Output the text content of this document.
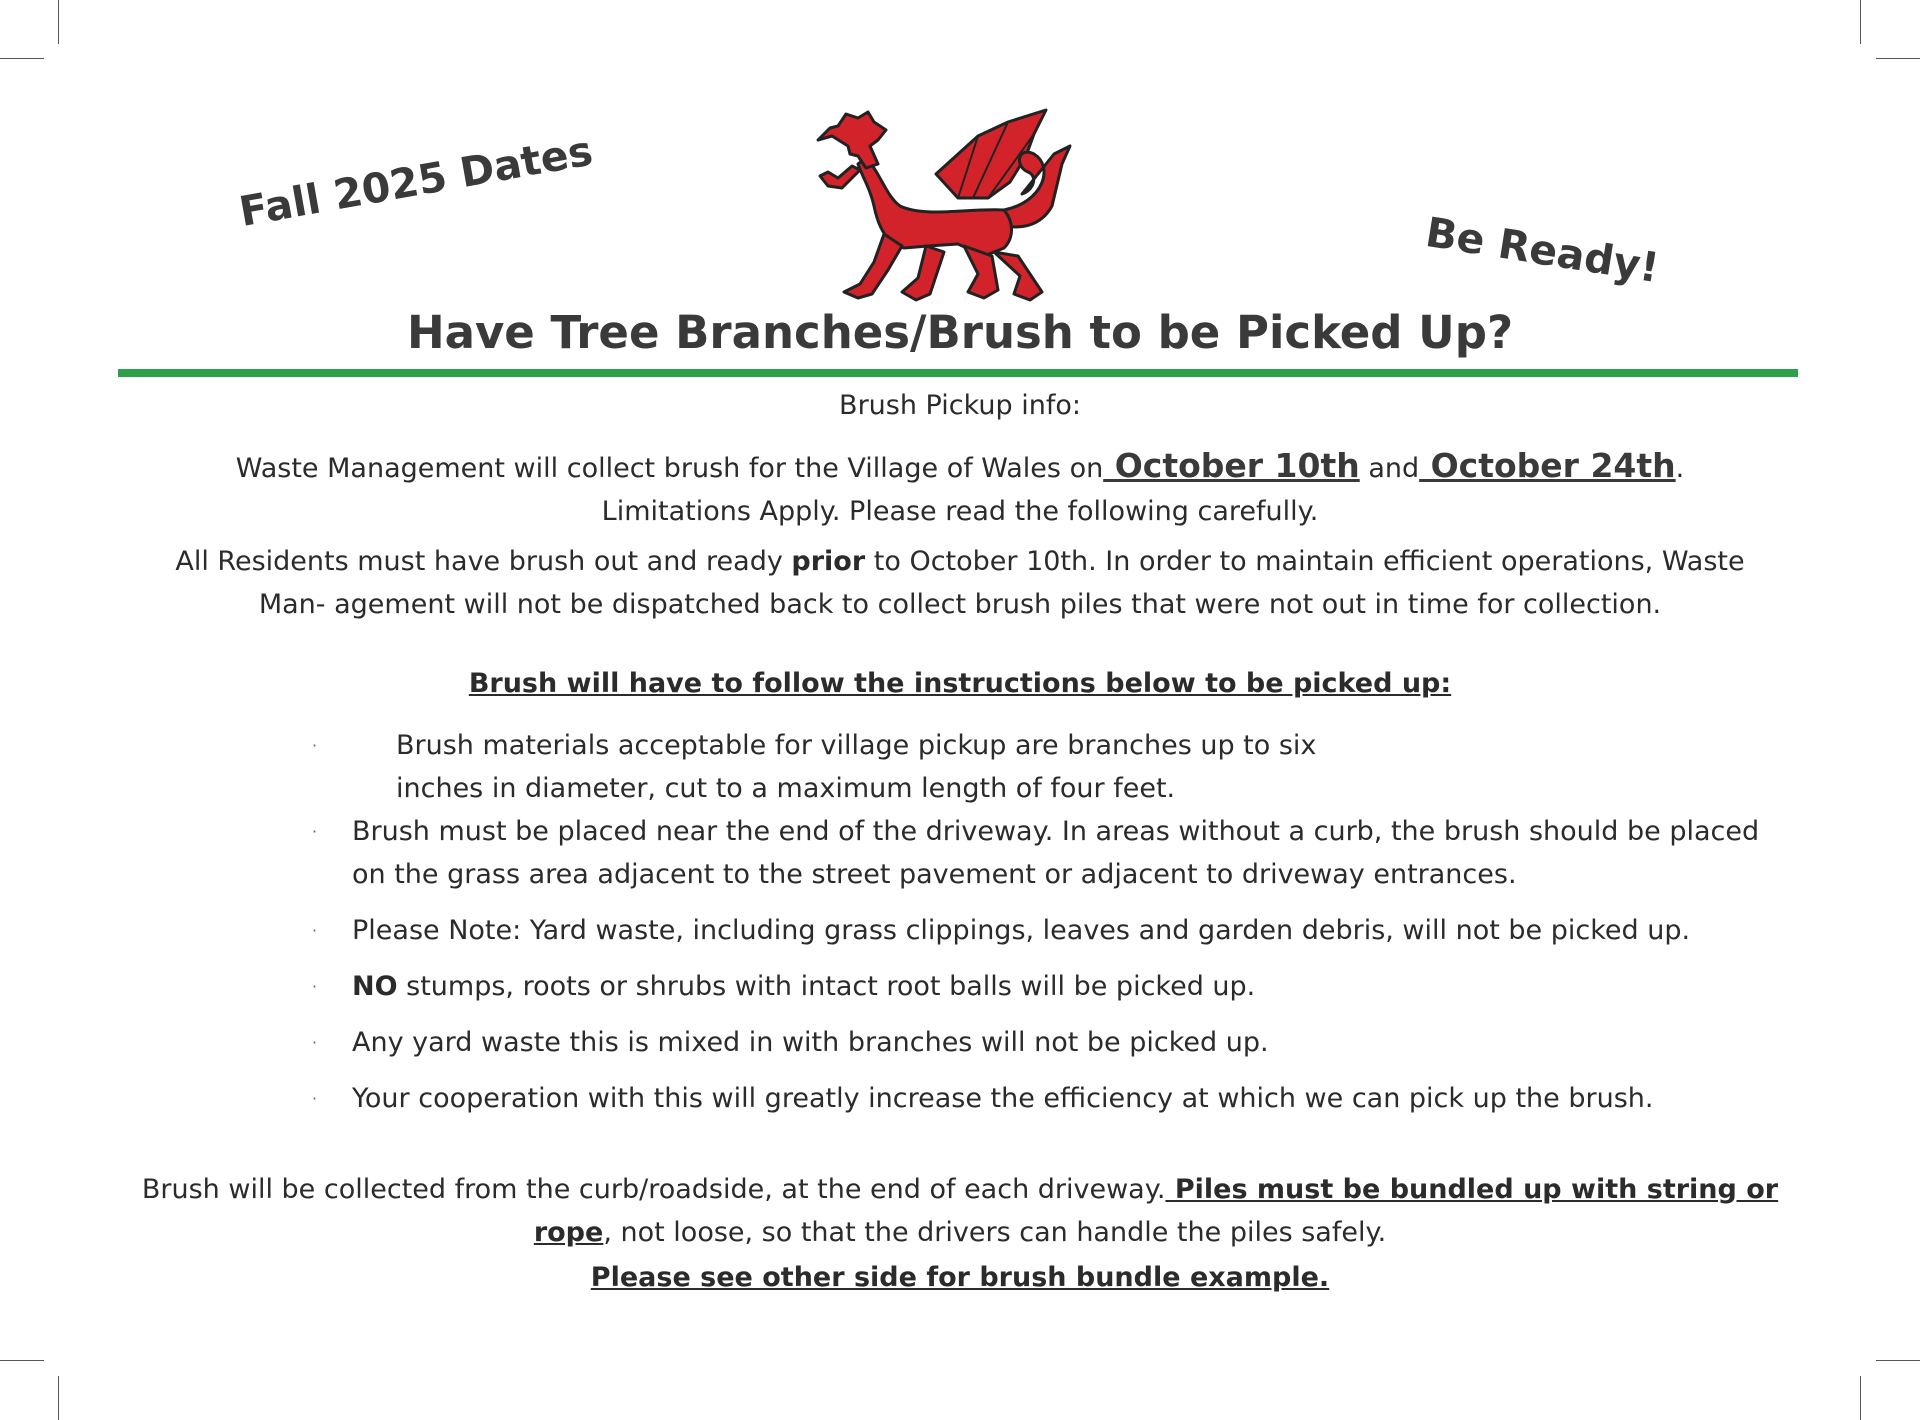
Fall 2025 Dates
Be Ready!
Have Tree Branches/Brush to be Picked Up?

Brush Pickup info:

Waste Management will collect brush for the Village of Wales on October 10th and October 24th.
Limitations Apply. Please read the following carefully.

All Residents must have brush out and ready prior to October 10th. In order to maintain efficient operations, Waste Man- agement will not be dispatched back to collect brush piles that were not out in time for collection.

Brush will have to follow the instructions below to be picked up:

·	Brush materials acceptable for village pickup are branches up to six inches in diameter, cut to a maximum length of four feet.
· Brush must be placed near the end of the driveway. In areas without a curb, the brush should be placed on the grass area adjacent to the street pavement or adjacent to driveway entrances.
· Please Note: Yard waste, including grass clippings, leaves and garden debris, will not be picked up.
· NO stumps, roots or shrubs with intact root balls will be picked up.
· Any yard waste this is mixed in with branches will not be picked up.
· Your cooperation with this will greatly increase the efficiency at which we can pick up the brush.

Brush will be collected from the curb/roadside, at the end of each driveway. Piles must be bundled up with string or rope, not loose, so that the drivers can handle the piles safely.

Please see other side for brush bundle example.
